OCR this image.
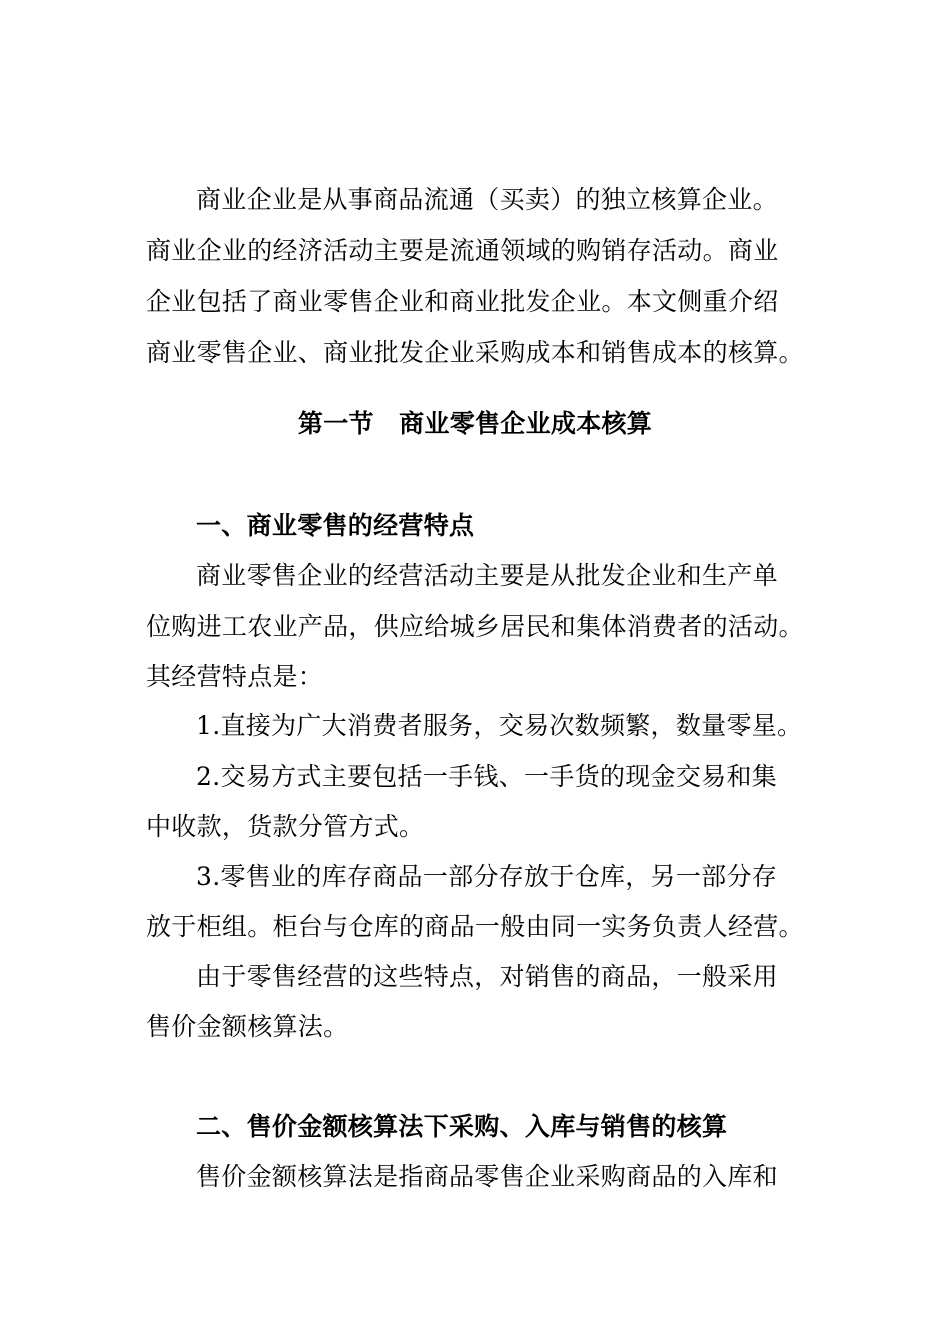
商业企业是从事商品流通（买卖）的独立核算企业。
商业企业的经济活动主要是流通领域的购销存活动。商业
企业包括了商业零售企业和商业批发企业。本文侧重介绍
商业零售企业、商业批发企业采购成本和销售成本的核算。
第一节　商业零售企业成本核算
一、商业零售的经营特点
商业零售企业的经营活动主要是从批发企业和生产单
位购进工农业产品，供应给城乡居民和集体消费者的活动。
其经营特点是：
1.直接为广大消费者服务，交易次数频繁，数量零星。
2.交易方式主要包括一手钱、一手货的现金交易和集
中收款，货款分管方式。
3.零售业的库存商品一部分存放于仓库，另一部分存
放于柜组。柜台与仓库的商品一般由同一实务负责人经营。
由于零售经营的这些特点，对销售的商品，一般采用
售价金额核算法。
二、售价金额核算法下采购、入库与销售的核算
售价金额核算法是指商品零售企业采购商品的入库和
